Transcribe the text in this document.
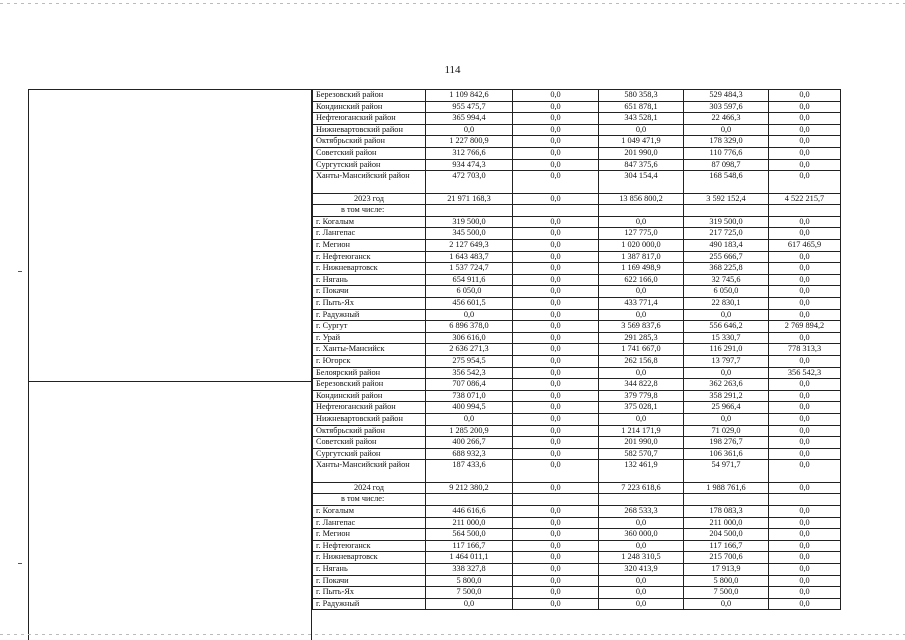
114
Березовский район	1 109 842,6	0,0	580 358,3	529 484,3	0,0
Кондинский район	955 475,7	0,0	651 878,1	303 597,6	0,0
Нефтеюганский район	365 994,4	0,0	343 528,1	22 466,3	0,0
Нижневартовский район	0,0	0,0	0,0	0,0	0,0
Октябрьский район	1 227 800,9	0,0	1 049 471,9	178 329,0	0,0
Советский район	312 766,6	0,0	201 990,0	110 776,6	0,0
Сургутский район	934 474,3	0,0	847 375,6	87 098,7	0,0
Ханты-Мансийский район	472 703,0	0,0	304 154,4	168 548,6	0,0
2023 год	21 971 168,3	0,0	13 856 800,2	3 592 152,4	4 522 215,7
в том числе:					
г. Когалым	319 500,0	0,0	0,0	319 500,0	0,0
г. Лангепас	345 500,0	0,0	127 775,0	217 725,0	0,0
г. Мегион	2 127 649,3	0,0	1 020 000,0	490 183,4	617 465,9
г. Нефтеюганск	1 643 483,7	0,0	1 387 817,0	255 666,7	0,0
г. Нижневартовск	1 537 724,7	0,0	1 169 498,9	368 225,8	0,0
г. Нягань	654 911,6	0,0	622 166,0	32 745,6	0,0
г. Покачи	6 050,0	0,0	0,0	6 050,0	0,0
г. Пыть-Ях	456 601,5	0,0	433 771,4	22 830,1	0,0
г. Радужный	0,0	0,0	0,0	0,0	0,0
г. Сургут	6 896 378,0	0,0	3 569 837,6	556 646,2	2 769 894,2
г. Урай	306 616,0	0,0	291 285,3	15 330,7	0,0
г. Ханты-Мансийск	2 636 271,3	0,0	1 741 667,0	116 291,0	778 313,3
г. Югорск	275 954,5	0,0	262 156,8	13 797,7	0,0
Белоярский район	356 542,3	0,0	0,0	0,0	356 542,3
Березовский район	707 086,4	0,0	344 822,8	362 263,6	0,0
Кондинский район	738 071,0	0,0	379 779,8	358 291,2	0,0
Нефтеюганский район	400 994,5	0,0	375 028,1	25 966,4	0,0
Нижневартовский район	0,0	0,0	0,0	0,0	0,0
Октябрьский район	1 285 200,9	0,0	1 214 171,9	71 029,0	0,0
Советский район	400 266,7	0,0	201 990,0	198 276,7	0,0
Сургутский район	688 932,3	0,0	582 570,7	106 361,6	0,0
Ханты-Мансийский район	187 433,6	0,0	132 461,9	54 971,7	0,0
2024 год	9 212 380,2	0,0	7 223 618,6	1 988 761,6	0,0
в том числе:					
г. Когалым	446 616,6	0,0	268 533,3	178 083,3	0,0
г. Лангепас	211 000,0	0,0	0,0	211 000,0	0,0
г. Мегион	564 500,0	0,0	360 000,0	204 500,0	0,0
г. Нефтеюганск	117 166,7	0,0	0,0	117 166,7	0,0
г. Нижневартовск	1 464 011,1	0,0	1 248 310,5	215 700,6	0,0
г. Нягань	338 327,8	0,0	320 413,9	17 913,9	0,0
г. Покачи	5 800,0	0,0	0,0	5 800,0	0,0
г. Пыть-Ях	7 500,0	0,0	0,0	7 500,0	0,0
г. Радужный	0,0	0,0	0,0	0,0	0,0
